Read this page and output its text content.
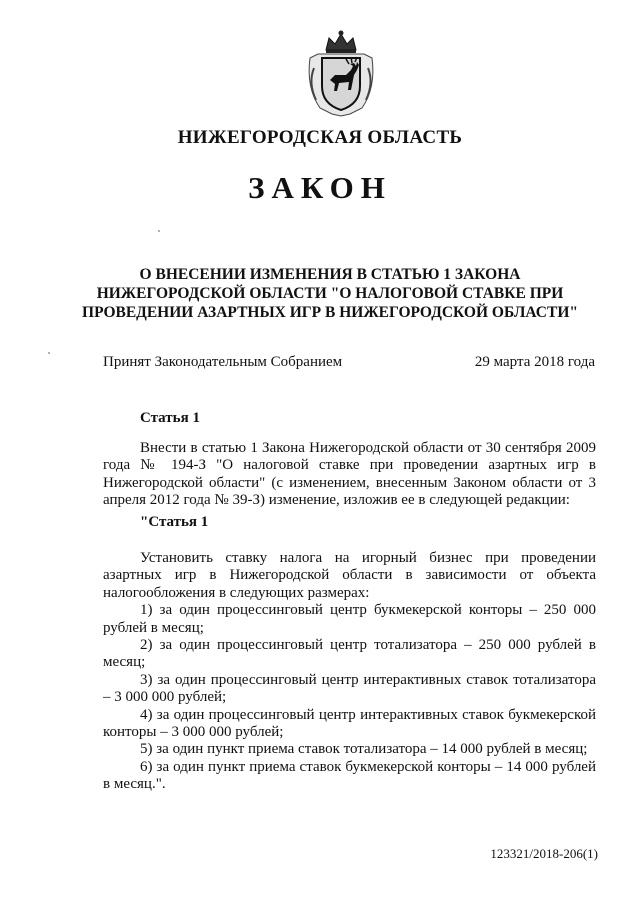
НИЖЕГОРОДСКАЯ ОБЛАСТЬ
ЗАКОН
О ВНЕСЕНИИ ИЗМЕНЕНИЯ В СТАТЬЮ 1 ЗАКОНА
НИЖЕГОРОДСКОЙ ОБЛАСТИ "О НАЛОГОВОЙ СТАВКЕ ПРИ
ПРОВЕДЕНИИ АЗАРТНЫХ ИГР В НИЖЕГОРОДСКОЙ ОБЛАСТИ"
Принят Законодательным Собранием	29 марта 2018 года
Статья 1

Внести в статью 1 Закона Нижегородской области от 30 сентября 2009 года № 194-З "О налоговой ставке при проведении азартных игр в Нижегородской области" (с изменением, внесенным Законом области от 3 апреля 2012 года № 39-З) изменение, изложив ее в следующей редакции:

"Статья 1

Установить ставку налога на игорный бизнес при проведении азартных игр в Нижегородской области в зависимости от объекта налогообложения в следующих размерах:

1) за один процессинговый центр букмекерской конторы – 250 000 рублей в месяц;

2) за один процессинговый центр тотализатора – 250 000 рублей в месяц;

3) за один процессинговый центр интерактивных ставок тотализатора – 3 000 000 рублей;

4) за один процессинговый центр интерактивных ставок букмекерской конторы – 3 000 000 рублей;

5) за один пункт приема ставок тотализатора – 14 000 рублей в месяц;

6) за один пункт приема ставок букмекерской конторы – 14 000 рублей в месяц.".

123321/2018-206(1)
